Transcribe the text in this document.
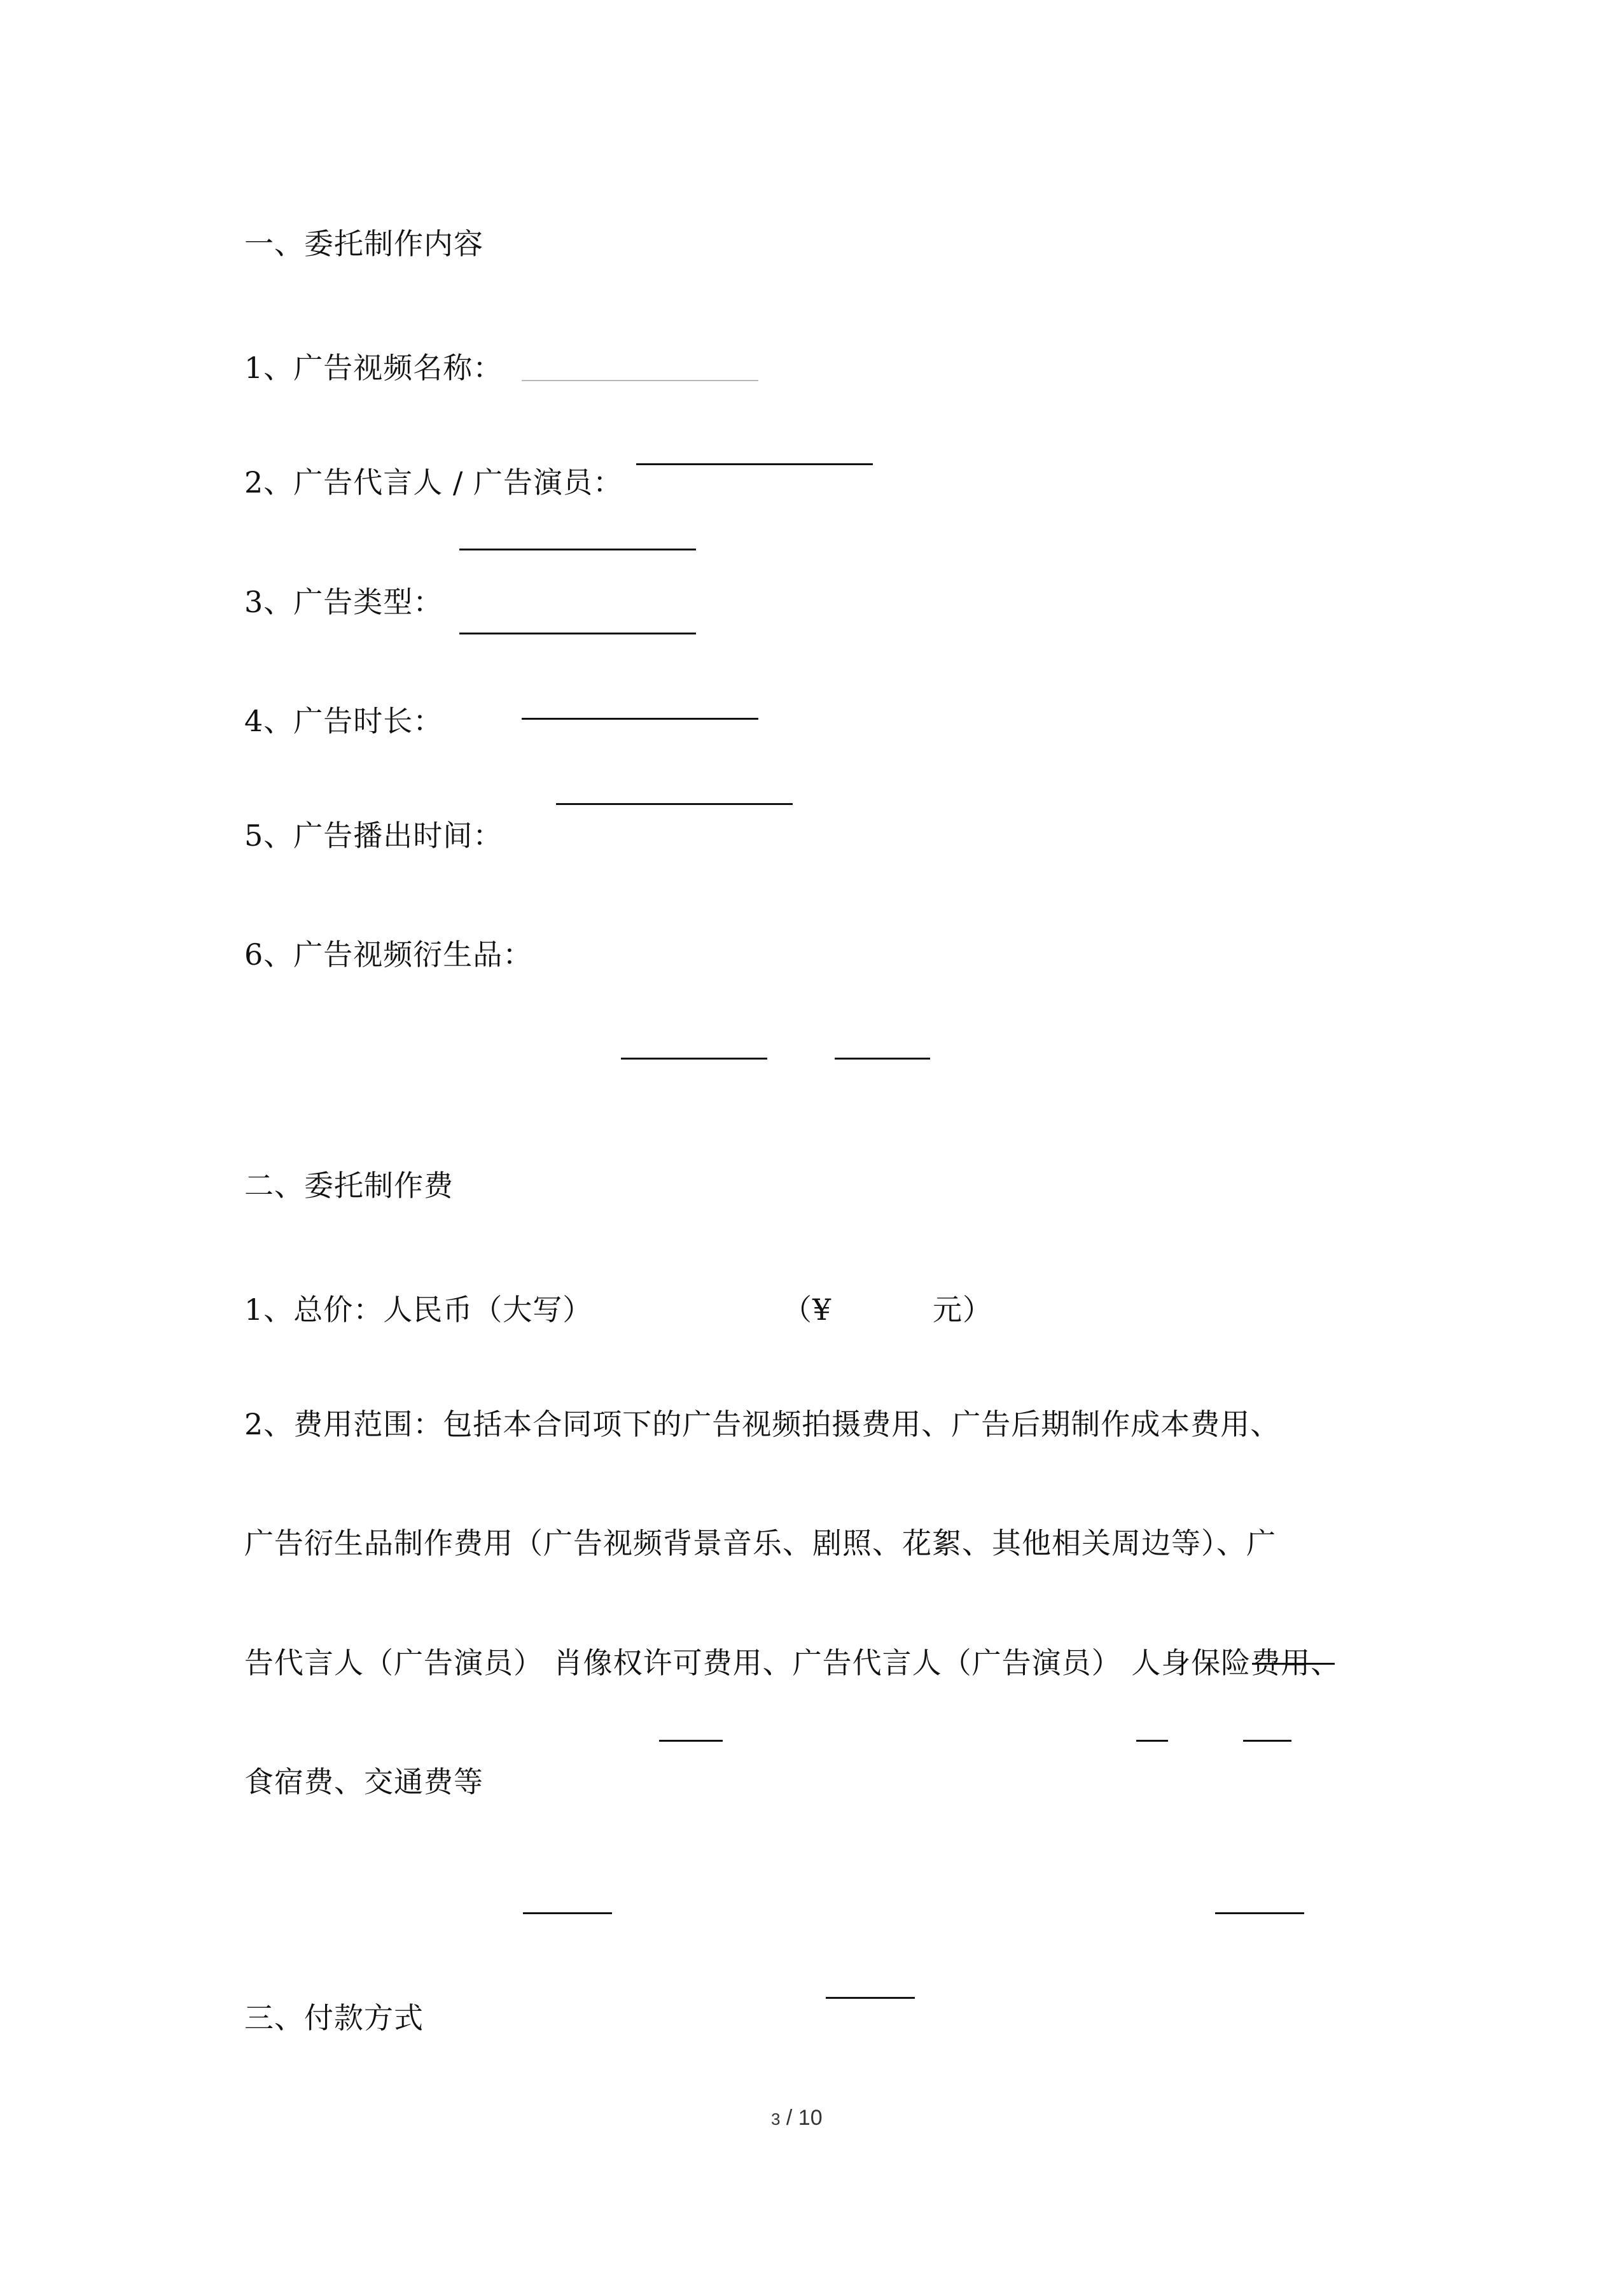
一、委托制作内容
1、广告视频名称：
2、广告代言人 / 广告演员：
3、广告类型：
4、广告时长：
5、广告播出时间：
6、广告视频衍生品：
二、委托制作费
1、总价：人民币（大写）	（¥	元）
2、费用范围：包括本合同项下的广告视频拍摄费用、广告后期制作成本费用、
广告衍生品制作费用（广告视频背景音乐、剧照、花絮、其他相关周边等）、广
告代言人（广告演员） 肖像权许可费用、广告代言人（广告演员） 人身保险费用、
食宿费、交通费等
三、付款方式
3 / 10
